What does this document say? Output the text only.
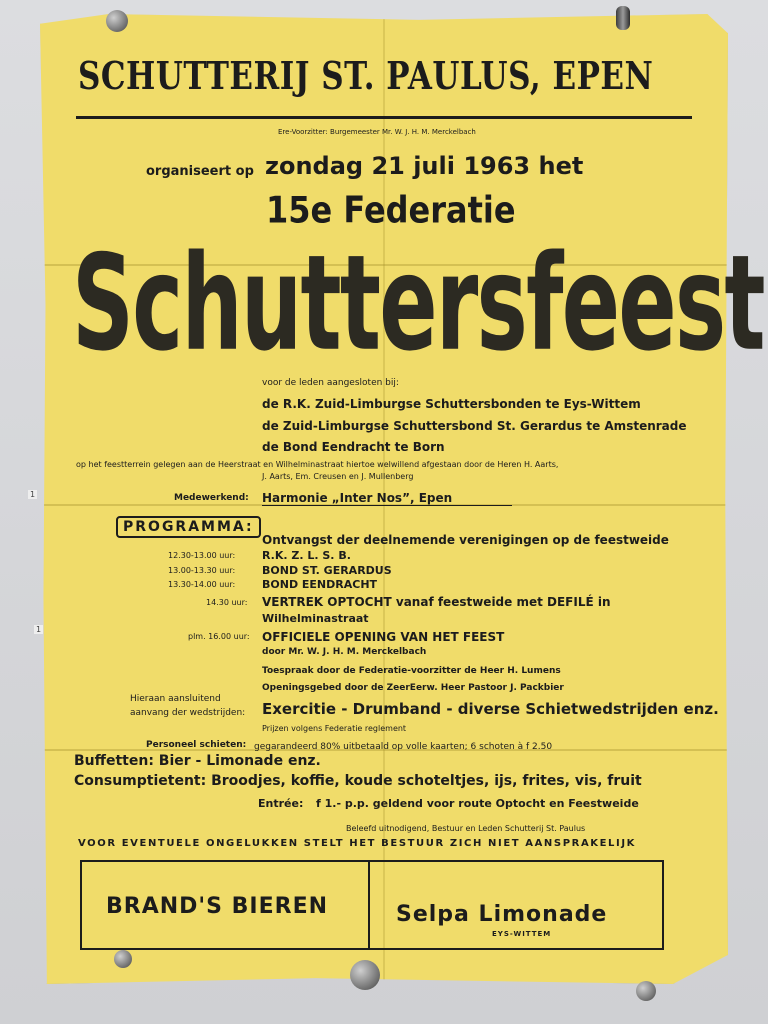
1
1
SCHUTTERIJ ST. PAULUS, EPEN
Ere-Voorzitter: Burgemeester Mr. W. J. H. M. Merckelbach
organiseert op zondag 21 juli 1963 het
15e Federatie
Schuttersfeest
voor de leden aangesloten bij:
de R.K. Zuid-Limburgse Schuttersbonden te Eys-Wittem
de Zuid-Limburgse Schuttersbond St. Gerardus te Amstenrade
de Bond Eendracht te Born
op het feestterrein gelegen aan de Heerstraat en Wilhelminastraat hiertoe welwillend afgestaan door de Heren H. Aarts,
J. Aarts, Em. Creusen en J. Mullenberg
Medewerkend: Harmonie „Inter Nos”, Epen
PROGRAMMA:
Ontvangst der deelnemende verenigingen op de feestweide
12.30-13.00 uur: R.K. Z. L. S. B.
13.00-13.30 uur: BOND ST. GERARDUS
13.30-14.00 uur: BOND EENDRACHT
14.30 uur: VERTREK OPTOCHT vanaf feestweide met DEFILÉ in
Wilhelminastraat
plm. 16.00 uur: OFFICIELE OPENING VAN HET FEEST
door Mr. W. J. H. M. Merckelbach
Toespraak door de Federatie-voorzitter de Heer H. Lumens
Openingsgebed door de ZeerEerw. Heer Pastoor J. Packbier
Hieraan aansluitend
aanvang der wedstrijden: Exercitie - Drumband - diverse Schietwedstrijden enz.
Prijzen volgens Federatie reglement
Personeel schieten: gegarandeerd 80% uitbetaald op volle kaarten; 6 schoten à f 2.50
Buffetten: Bier - Limonade enz.
Consumptietent: Broodjes, koffie, koude schoteltjes, ijs, frites, vis, fruit
Entrée: f 1.- p.p. geldend voor route Optocht en Feestweide
Beleefd uitnodigend, Bestuur en Leden Schutterij St. Paulus
VOOR EVENTUELE ONGELUKKEN STELT HET BESTUUR ZICH NIET AANSPRAKELIJK
BRAND'S BIEREN	Selpa Limonade
EYS-WITTEM
